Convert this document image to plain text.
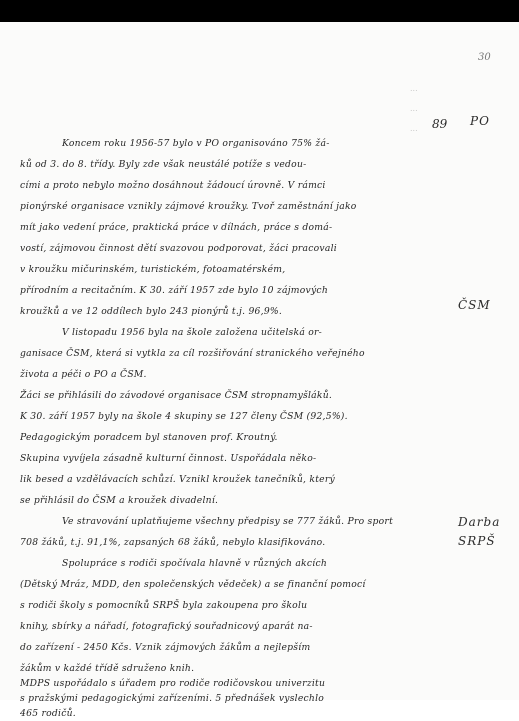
30
...
...
...	89 PO
ČSM
Darba
SRPŠ
Koncem roku 1956-57 bylo v PO organisováno 75% žá-
ků od 3. do 8. třídy. Byly zde však neustálé potíže s vedou-
cími a proto nebylo možno dosáhnout žádoucí úrovně. V rámci
pionýrské organisace vznikly zájmové kroužky. Tvoř zaměstnání jako
mít jako vedení práce, praktická práce v dílnách, práce s domá-
vostí, zájmovou činnost dětí svazovou podporovat, žáci pracovali
v kroužku mičurinském, turistickém, fotoamatérském,
přírodním a recitačním. K 30. září 1957 zde bylo 10 zájmových
kroužků a ve 12 oddílech bylo 243 pionýrů t.j. 96,9%.
V listopadu 1956 byla na škole založena učitelská or-
ganisace ČSM, která si vytkla za cíl rozšiřování stranického veřejného
života a péči o PO a ČSM.
Žáci se přihlásili do závodové organisace ČSM stropnamyšláků.
K 30. září 1957 byly na škole 4 skupiny se 127 členy ČSM (92,5%).
Pedagogickým poradcem byl stanoven prof. Kroutný.
Skupina vyvíjela zásadně kulturní činnost. Uspořádala něko-
lik besed a vzdělávacích schůzí. Vznikl kroužek tanečníků, který
se přihlásil do ČSM a kroužek divadelní.
Ve stravování uplatňujeme všechny předpisy se 777 žáků. Pro sport
708 žáků, t.j. 91,1%, zapsaných 68 žáků, nebylo klasifikováno.
Spolupráce s rodiči spočívala hlavně v různých akcích
(Dětský Mráz, MDD, den společenských vědeček) a se finanční pomocí
s rodiči školy s pomocníků SRPŠ byla zakoupena pro školu
knihy, sbírky a nářadí, fotografický souřadnicový aparát na-
do zařízení - 2450 Kčs. Vznik zájmových žákům a nejlepším
žákům v každé třídě sdruženo knih.
MDPS uspořádalo s úřadem pro rodiče rodičovskou univerzitu
s pražskými pedagogickými zařízeními. 5 přednášek vyslechlo
465 rodičů.
